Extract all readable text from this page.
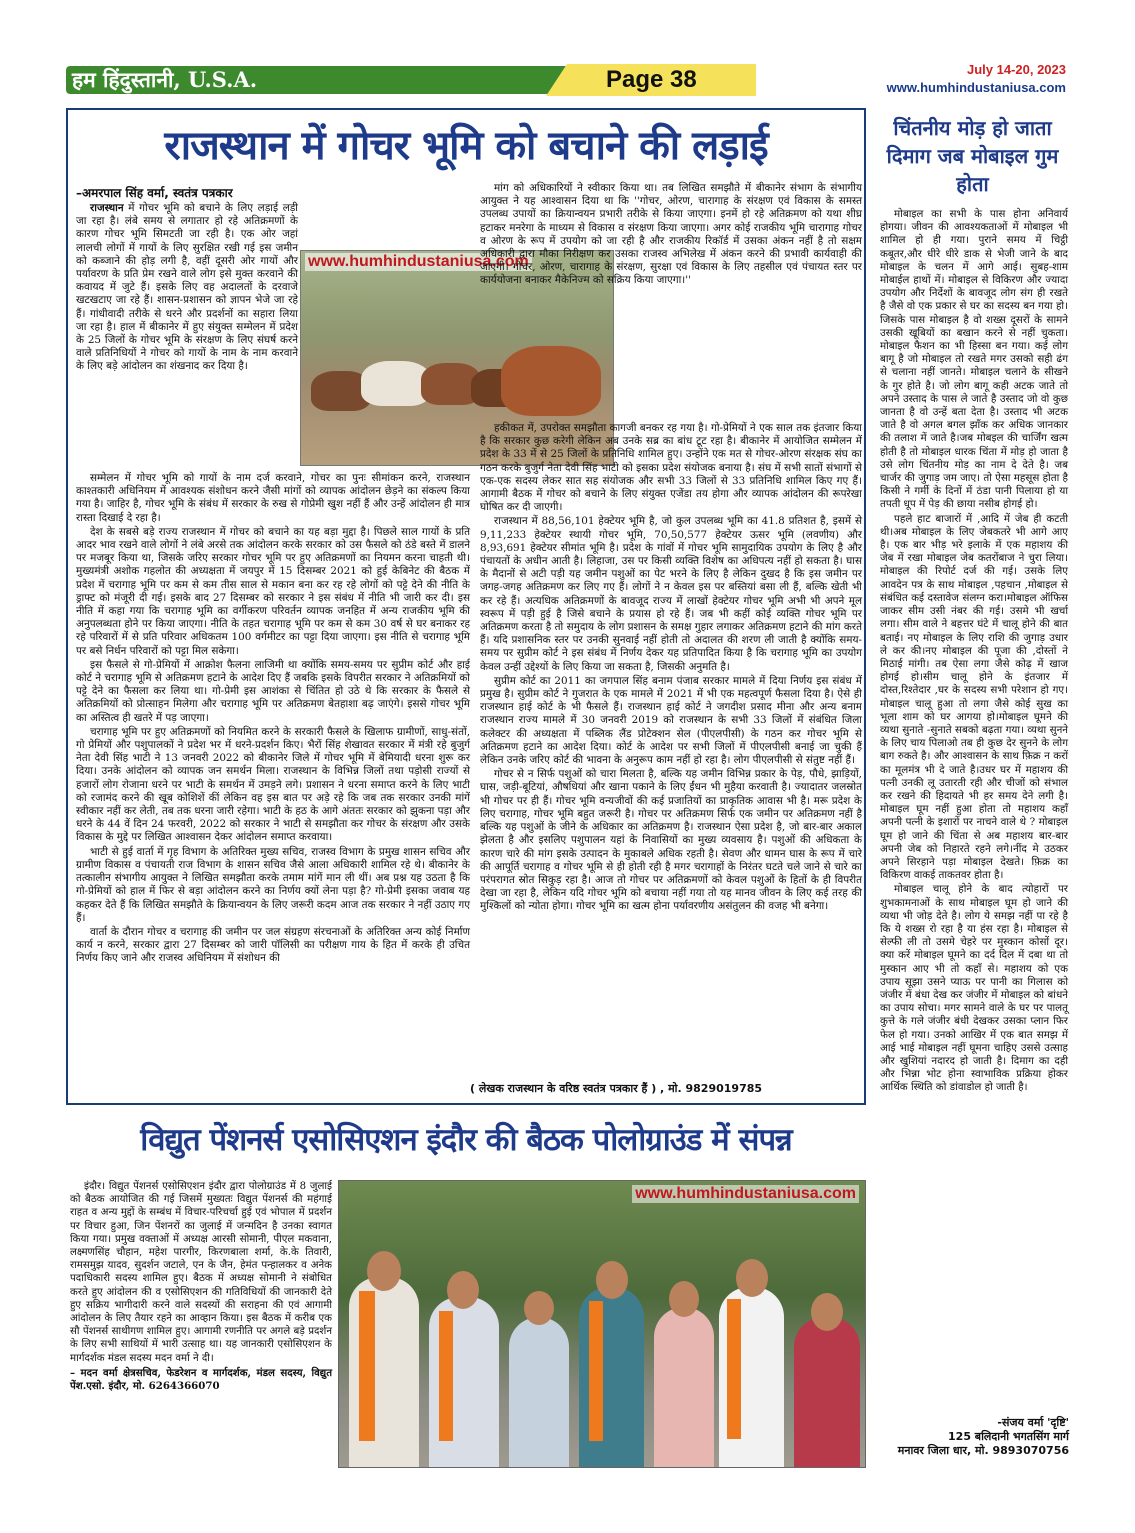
हम हिंदुस्तानी, U.S.A.	Page 38	July 14-20, 2023
www.humhindustaniusa.com
राजस्थान में गोचर भूमि को बचाने की लड़ाई
–अमरपाल सिंह वर्मा, स्वतंत्र पत्रकार

राजस्थान में गोचर भूमि को बचाने के लिए लड़ाई लड़ी जा रहा है। लंबे समय से लगातार हो रहे अतिक्रमणों के कारण गोचर भूमि सिमटती जा रही है। एक ओर जहां लालची लोगों में गायों के लिए सुरक्षित रखी गई इस जमीन को कब्जाने की होड़ लगी है, वहीं दूसरी ओर गायों और पर्यावरण के प्रति प्रेम रखने वाले लोग इसे मुक्त करवाने की कवायद में जुटे हैं। इसके लिए वह अदालतों के दरवाजे खटखटाए जा रहे हैं। शासन-प्रशासन को ज्ञापन भेजे जा रहे हैं। गांधीवादी तरीके से धरने और प्रदर्शनों का सहारा लिया जा रहा है। हाल में बीकानेर में हुए संयुक्त सम्मेलन में प्रदेश के 25 जिलों के गोचर भूमि के संरक्षण के लिए संघर्ष करने वाले प्रतिनिधियों ने गोचर को गायों के नाम के नाम करवाने के लिए बड़े आंदोलन का शंखनाद कर दिया है।

www.humhindustaniusa.com

सम्मेलन में गोचर भूमि को गायों के नाम दर्ज करवाने, गोचर का पुनः सीमांकन करने, राजस्थान काश्तकारी अधिनियम में आवश्यक संशोधन करने जैसी मांगों को व्यापक आंदोलन छेड़ने का संकल्प किया गया है। जाहिर है, गोचर भूमि के संबंध में सरकार के रुख से गोप्रेमी खुश नहीं हैं और उन्हें आंदोलन ही मात्र रास्ता दिखाई दे रहा है।

देश के सबसे बड़े राज्य राजस्थान में गोचर को बचाने का यह बड़ा मुद्दा है। पिछले साल गायों के प्रति आदर भाव रखने वाले लोगों ने लंबे अरसे तक आंदोलन करके सरकार को उस फैसले को ठंडे बस्ते में डालने पर मजबूर किया था, जिसके जरिए सरकार गोचर भूमि पर हुए अतिक्रमणों का नियमन करना चाहती थी। मुख्यमंत्री अशोक गहलोत की अध्यक्षता में जयपुर में 15 दिसम्बर 2021 को हुई केबिनेट की बैठक में प्रदेश में चरागाह भूमि पर कम से कम तीस साल से मकान बना कर रह रहे लोगों को पट्टे देने की नीति के ड्राफ्ट को मंजूरी दी गई। इसके बाद 27 दिसम्बर को सरकार ने इस संबंध में नीति भी जारी कर दी। इस नीति में कहा गया कि चरागाह भूमि का वर्गीकरण परिवर्तन व्यापक जनहित में अन्य राजकीय भूमि की अनुपलब्धता होने पर किया जाएगा। नीति के तहत चरागाह भूमि पर कम से कम 30 वर्ष से घर बनाकर रह रहे परिवारों में से प्रति परिवार अधिकतम 100 वर्गमीटर का पट्टा दिया जाएगा। इस नीति से चरागाह भूमि पर बसे निर्धन परिवारों को पट्टा मिल सकेगा।

इस फैसले से गो-प्रेमियों में आक्रोश फैलना लाजिमी था क्योंकि समय-समय पर सुप्रीम कोर्ट और हाई कोर्ट ने चरागाह भूमि से अतिक्रमण हटाने के आदेश दिए हैं जबकि इसके विपरीत सरकार ने अतिक्रमियों को पट्टे देने का फैसला कर लिया था। गो-प्रेमी इस आशंका से चिंतित हो उठे थे कि सरकार के फैसले से अतिक्रमियों को प्रोत्साहन मिलेगा और चरागाह भूमि पर अतिक्रमण बेतहाशा बढ़ जाएंगे। इससे गोचर भूमि का अस्तित्व ही खतरे में पड़ जाएगा।

चरागाह भूमि पर हुए अतिक्रमणों को नियमित करने के सरकारी फैसले के खिलाफ ग्रामीणों, साधु-संतों, गो प्रेमियों और पशुपालकों ने प्रदेश भर में धरने-प्रदर्शन किए। भैरों सिंह शेखावत सरकार में मंत्री रहे बुजुर्ग नेता देवी सिंह भाटी ने 13 जनवरी 2022 को बीकानेर जिले में गोचर भूमि में बेमियादी धरना शुरू कर दिया। उनके आंदोलन को व्यापक जन समर्थन मिला। राजस्थान के विभिन्न जिलों तथा पड़ोसी राज्यों से हजारों लोग रोजाना धरने पर भाटी के समर्थन में उमड़ने लगे। प्रशासन ने धरना समाप्त करने के लिए भाटी को रजामंद करने की खूब कोशिशें कीं लेकिन वह इस बात पर अड़े रहे कि जब तक सरकार उनकी मांगें स्वीकार नहीं कर लेती, तब तक धरना जारी रहेगा। भाटी के हठ के आगे अंततः सरकार को झुकना पड़ा और धरने के 44 वें दिन 24 फरवरी, 2022 को सरकार ने भाटी से समझौता कर गोचर के संरक्षण और उसके विकास के मुद्दे पर लिखित आश्वासन देकर आंदोलन समाप्त करवाया।

भाटी से हुई वार्ता में गृह विभाग के अतिरिक्त मुख्य सचिव, राजस्व विभाग के प्रमुख शासन सचिव और ग्रामीण विकास व पंचायती राज विभाग के शासन सचिव जैसे आला अधिकारी शामिल रहे थे। बीकानेर के तत्कालीन संभागीय आयुक्त ने लिखित समझौता करके तमाम मांगें मान ली थीं। अब प्रश्न यह उठता है कि गो-प्रेमियों को हाल में फिर से बड़ा आंदोलन करने का निर्णय क्यों लेना पड़ा है? गो-प्रेमी इसका जवाब यह कहकर देते हैं कि लिखित समझौते के क्रियान्वयन के लिए जरूरी कदम आज तक सरकार ने नहीं उठाए गए हैं।

वार्ता के दौरान गोचर व चरागाह की जमीन पर जल संग्रहण संरचनाओं के अतिरिक्त अन्य कोई निर्माण कार्य न करने, सरकार द्वारा 27 दिसम्बर को जारी पॉलिसी का परीक्षण गाय के हित में करके ही उचित निर्णय किए जाने और राजस्व अधिनियम में संशोधन की

मांग को अधिकारियों ने स्वीकार किया था। तब लिखित समझौते में बीकानेर संभाग के संभागीय आयुक्त ने यह आश्वासन दिया था कि ''गोचर, ओरण, चारागाह के संरक्षण एवं विकास के समस्त उपलब्ध उपायों का क्रियान्वयन प्रभारी तरीके से किया जाएगा। इनमें हो रहे अतिक्रमण को यथा शीघ्र हटाकर मनरेगा के माध्यम से विकास व संरक्षण किया जाएगा। अगर कोई राजकीय भूमि चारागाह गोचर व ओरण के रूप में उपयोग को जा रही है और राजकीय रिकॉर्ड में उसका अंकन नहीं है तो सक्षम अधिकारी द्वारा मौका निरीक्षण कर उसका राजस्व अभिलेख में अंकन करने की प्रभावी कार्यवाही की जाएगी। गोचर, ओरण, चारागाह के संरक्षण, सुरक्षा एवं विकास के लिए तहसील एवं पंचायत स्तर पर कार्ययोजना बनाकर मैकेनिज्म को सक्रिय किया जाएगा।''

हकीकत में, उपरोक्त समझौता कागजी बनकर रह गया है। गो-प्रेमियों ने एक साल तक इंतजार किया है कि सरकार कुछ करेगी लेकिन अब उनके सब्र का बांध टूट रहा है। बीकानेर में आयोजित सम्मेलन में प्रदेश के 33 में से 25 जिलों के प्रतिनिधि शामिल हुए। उन्होंने एक मत से गोचर-ओरण संरक्षक संघ का गठन करके बुजुर्ग नेता देवी सिंह भाटी को इसका प्रदेश संयोजक बनाया है। संघ में सभी सातों संभागों से एक-एक सदस्य लेकर सात सह संयोजक और सभी 33 जिलों से 33 प्रतिनिधि शामिल किए गए हैं। आगामी बैठक में गोचर को बचाने के लिए संयुक्त एजेंडा तय होगा और व्यापक आंदोलन की रूपरेखा घोषित कर दी जाएगी।

राजस्थान में 88,56,101 हेक्टेयर भूमि है, जो कुल उपलब्ध भूमि का 41.8 प्रतिशत है, इसमें से 9,11,233 हेक्टेयर स्थायी गोचर भूमि, 70,50,577 हेक्टेयर ऊसर भूमि (लवणीय) और 8,93,691 हेक्टेयर सीमांत भूमि है। प्रदेश के गांवों में गोचर भूमि सामुदायिक उपयोग के लिए है और पंचायतों के अधीन आती है। लिहाजा, उस पर किसी व्यक्ति विशेष का अधिपत्य नहीं हो सकता है। घास के मैदानों से अटी पड़ी यह जमीन पशुओं का पेट भरने के लिए है लेकिन दुखद है कि इस जमीन पर जगह-जगह अतिक्रमण कर लिए गए हैं। लोगों ने न केवल इस पर बस्तियां बसा ली हैं, बल्कि खेती भी कर रहे हैं। अत्यधिक अतिक्रमणों के बावजूद राज्य में लाखों हेक्टेयर गोचर भूमि अभी भी अपने मूल स्वरूप में पड़ी हुई है जिसे बचाने के प्रयास हो रहे हैं। जब भी कहीं कोई व्यक्ति गोचर भूमि पर अतिक्रमण करता है तो समुदाय के लोग प्रशासन के समक्ष गुहार लगाकर अतिक्रमण हटाने की मांग करते हैं। यदि प्रशासनिक स्तर पर उनकी सुनवाई नहीं होती तो अदालत की शरण ली जाती है क्योंकि समय-समय पर सुप्रीम कोर्ट ने इस संबंध में निर्णय देकर यह प्रतिपादित किया है कि चरागाह भूमि का उपयोग केवल उन्हीं उद्देश्यों के लिए किया जा सकता है, जिसकी अनुमति है।

सुप्रीम कोर्ट का 2011 का जगपाल सिंह बनाम पंजाब सरकार मामले में दिया निर्णय इस संबंध में प्रमुख है। सुप्रीम कोर्ट ने गुजरात के एक मामले में 2021 में भी एक महत्वपूर्ण फैसला दिया है। ऐसे ही राजस्थान हाई कोर्ट के भी फैसले हैं। राजस्थान हाई कोर्ट ने जगदीश प्रसाद मीना और अन्य बनाम राजस्थान राज्य मामले में 30 जनवरी 2019 को राजस्थान के सभी 33 जिलों में संबंधित जिला कलेक्टर की अध्यक्षता में पब्लिक लैंड प्रोटेक्शन सेल (पीएलपीसी) के गठन कर गोचर भूमि से अतिक्रमण हटाने का आदेश दिया। कोर्ट के आदेश पर सभी जिलों में पीएलपीसी बनाई जा चुकी हैं लेकिन उनके जरिए कोर्ट की भावना के अनुरूप काम नहीं हो रहा है। लोग पीएलपीसी से संतुष्ट नहीं हैं।

गोचर से न सिर्फ पशुओं को चारा मिलता है, बल्कि यह जमीन विभिन्न प्रकार के पेड़, पौधे, झाड़ियों, घास, जड़ी-बूटियां, औषधियां और खाना पकाने के लिए ईंधन भी मुहैया करवाती है। ज्यादातर जलस्रोत भी गोचर पर ही हैं। गोचर भूमि वन्यजीवों की कई प्रजातियों का प्राकृतिक आवास भी है। मरू प्रदेश के लिए चरागाह, गोचर भूमि बहुत जरूरी है। गोचर पर अतिक्रमण सिर्फ एक जमीन पर अतिक्रमण नहीं है बल्कि यह पशुओं के जीने के अधिकार का अतिक्रमण है। राजस्थान ऐसा प्रदेश है, जो बार-बार अकाल झेलता है और इसलिए पशुपालन यहां के निवासियों का मुख्य व्यवसाय है। पशुओं की अधिकता के कारण चारे की मांग इसके उत्पादन के मुकाबले अधिक रहती है। सेवण और धामन घास के रूप में चारे की आपूर्ति चरागाह व गोचर भूमि से ही होती रही है मगर चरागाहों के निरंतर घटते चले जाने से चारे का परंपरागत स्रोत सिकुड़ रहा है। आज तो गोचर पर अतिक्रमणों को केवल पशुओं के हितों के ही विपरीत देखा जा रहा है, लेकिन यदि गोचर भूमि को बचाया नहीं गया तो यह मानव जीवन के लिए कई तरह की मुश्किलों को न्योता होगा। गोचर भूमि का खत्म होना पर्यावरणीय असंतुलन की वजह भी बनेगा।

( लेखक राजस्थान के वरिष्ठ स्वतंत्र पत्रकार हैं ) , मो. 9829019785
चिंतनीय मोड़ हो जाता दिमाग जब मोबाइल गुम होता

मोबाइल का सभी के पास होना अनिवार्य होगया। जीवन की आवश्यकताओं में मोबाइल भी शामिल हो ही गया। पुराने समय में चिट्ठी कबूतर,और धीरे धीरे डाक से भेजी जाने के बाद मोबाइल के चलन में आगे आई। सुबह-शाम मोबाईल हाथों में। मोबाइल से विकिरण और ज्यादा उपयोग और निर्देशों के बावजूद लोग संग ही रखते है जैसे वो एक प्रकार से घर का सदस्य बन गया हो। जिसके पास मोबाइल है वो शख्स दूसरों के सामने उसकी खूबियों का बखान करने से नहीं चुकता।मोबाइल फैशन का भी हिस्सा बन गया। कई लोग बागू है जो मोबाइल तो रखते मगर उसको सही ढंग से चलाना नहीं जानते। मोबाइल चलाने के सीखने के गुर होते है। जो लोग बागू कही अटक जाते तो अपने उस्ताद के पास ले जाते है उस्ताद जो वो कुछ जानता है वो उन्हें बता देता है। उस्ताद भी अटक जाते है वो अगल बगल झाँक कर अधिक जानकार की तलाश में जाते है।जब मोबइल की चार्जिंग खत्म होती है तो मोबाइल धारक चिंता में मोड़ हो जाता है उसे लोग चिंतनीय मोड़ का नाम दे देते है। जब चार्जर की जुगाड़ जम जाए। तो ऐसा महसूस होता है किसी ने गर्मी के दिनों में ठंडा पानी पिलाया हो या तपती धूप में पेड़ की छाया नसीब होगई हो।

पहले हाट बाजारों में ,आदि में जेब ही कटती थी।अब मोबाइल के लिए जेबकतरे भी आगे आए है। एक बार भीड़ भरे इलाके में एक महाशय की जेब में रखा मोबाइल जेब कतरोंबाज ने चुरा लिया। मोबाइल की रिपोर्ट दर्ज की गई। उसके लिए आवदेन पत्र के साथ मोबाइल ,पहचान ,मोबाइल से संबंधित कई दस्तावेज संलग्न करा।मोबाइल ऑफिस जाकर सीम उसी नंबर की गई। उसमे भी खर्चा लगा। सीम वाले ने बहत्तर घंटे में चालू होने की बात बताई। नए मोबाइल के लिए राशि की जुगाड़ उधार ले कर की।नए मोबाइल की पूजा की ,दोस्तों ने मिठाई मांगी। तब ऐसा लगा जैसे कोढ़ में खाज होगई हो।सीम चालू होने के इंतजार में दोस्त,रिश्तेदार ,घर के सदस्य सभी परेशान हो गए। मोबाइल चालू हुआ तो लगा जैसे कोई सुख का भूला शाम को घर आगया हो।मोबाइल घूमने की व्यथा सुनाते -सुनाते सबको बढ़ता गया। व्यथा सुनने के लिए चाय पिलाओ तब ही कुछ देर सुनने के लोग बाग रुकते है। और आश्वासन के साथ फ़िक्र न करों का मूलमंत्र भी दे जाते है।उधर घर में महाशय की पत्नी उनकी लू उतारती रही और चीजों को संभाल कर रखने की हिदायते भी हर समय देने लगी है। मोबाइल घूम नहीं हुआ होता तो महाशय कहाँ अपनी पत्नी के इशारों पर नाचने वाले थे ? मोबाइल घूम हो जाने की चिंता से अब महाशय बार-बार अपनी जेब को निहारते रहने लगे।नींद मे उठकर अपने सिरहाने पड़ा मोबाइल देखते। फ़िक्र का विकिरण वाकई ताकतवर होता है।

मोबाइल चालू होने के बाद त्योहारों पर शुभकामनाओं के साथ मोबाइल घूम हो जाने की व्यथा भी जोड़ देते है। लोग ये समझ नहीं पा रहे है कि ये शख्स रो रहा है या हंस रहा है। मोबाइल से सेल्फी ली तो उसमे चेहरे पर मुस्कान कोसों दूर। क्या करें मोबाइल घूमने का दर्द दिल में दबा था तो मुस्कान आए भी तो कहाँ से। महाशय को एक उपाय सूझा उसने प्याऊ पर पानी का गिलास को जंजीर में बंधा देख कर जंजीर में मोबाइल को बांधने का उपाय सोचा। मगर सामने वाले के घर पर पालतू कुत्ते के गले जंजीर बंधी देखकर उसका प्लान फिर फेल हो गया। उनको आखिर में एक बात समझ में आई भाई मोबाइल नहीं घूमना चाहिए उससे उत्साह और खुशियां नदारद हो जाती है। दिमाग का दही और भिन्ना भोट होना स्वाभाविक प्रक्रिया होकर आर्थिक स्थिति को डांवाडोल हो जाती है।

-संजय वर्मा 'दृष्टि'
125 बलिदानी भगतसिंग मार्ग
मनावर जिला धार, मो. 9893070756
विद्युत पेंशनर्स एसोसिएशन इंदौर की बैठक पोलोग्राउंड में संपन्न

इंदौर। विद्युत पेंशनर्स एसोसिएशन इंदौर द्वारा पोलोग्राउंड में 8 जुलाई को बैठक आयोजित की गई जिसमें मुख्यतः विद्युत पेंशनर्स की महंगाई राहत व अन्य मुद्दों के सम्बंध में विचार-परिचर्चा हुई एवं भोपाल में प्रदर्शन पर विचार हुआ, जिन पेंशनरों का जुलाई में जन्मदिन है उनका स्वागत किया गया। प्रमुख वक्ताओं में अध्यक्ष आरसी सोमानी, पीएल मकवाना, लक्ष्मणसिंह चौहान, महेश पारगीर, किरणबाला शर्मा, के.के तिवारी, रामसमुझ यादव, सुदर्शन जटाले, एन के जैन, हेमंत पन्हालकर व अनेक पदाधिकारी सदस्य शामिल हुए। बैठक में अध्यक्ष सोमानी ने संबोधित करते हुए आंदोलन की व एसोसिएशन की गतिविधियों की जानकारी देते हुए सक्रिय भागीदारी करने वाले सदस्यों की सराहना की एवं आगामी आंदोलन के लिए तैयार रहने का आव्हान किया। इस बैठक में करीब एक सौ पेंशनर्स साथीगण शामिल हुए। आगामी रणनीति पर अगले बड़े प्रदर्शन के लिए सभी साथियों में भारी उत्साह था। यह जानकारी एसोसिएशन के मार्गदर्शक मंडल सदस्य मदन वर्मा ने दी।

– मदन वर्मा क्षेत्रसचिव, फेडरेशन व मार्गदर्शक, मंडल सदस्य, विद्युत पेंश.एसो. इंदौर, मो. 6264366070

www.humhindustaniusa.com
